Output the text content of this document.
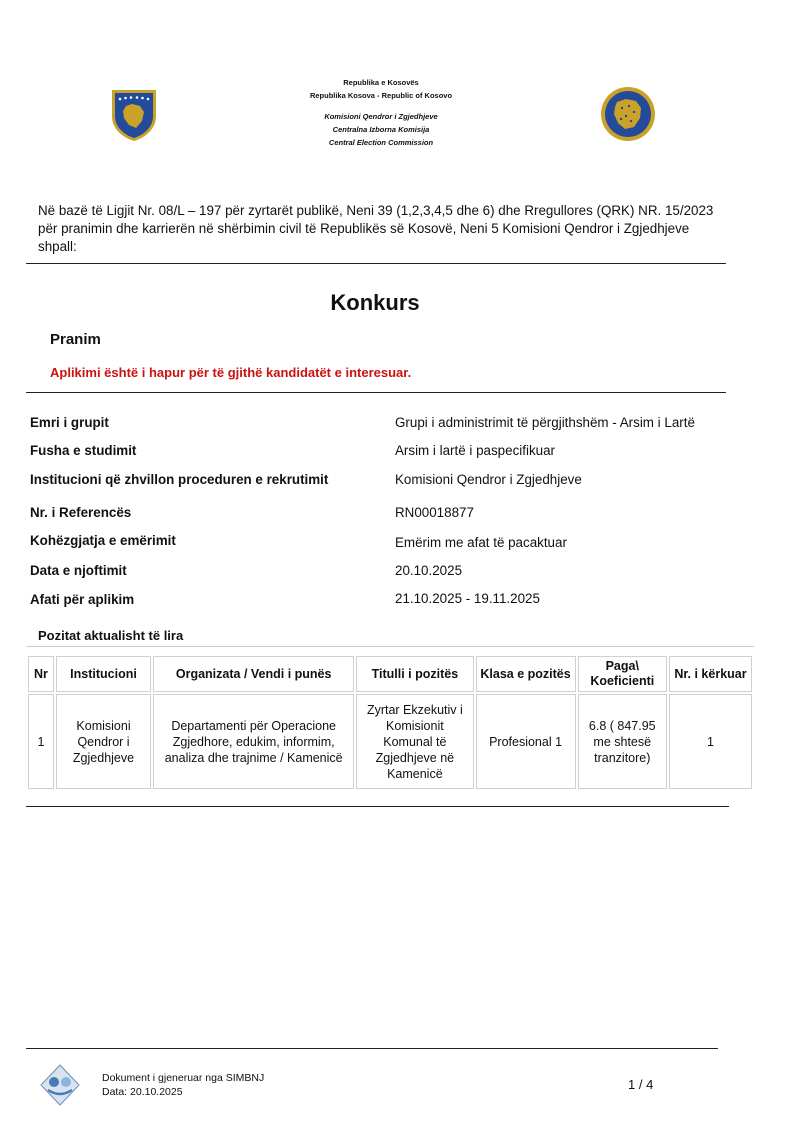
Republika e Kosovës
Republika Kosova - Republic of Kosovo
Komisioni Qendror i Zgjedhjeve
Centralna Izborna Komisija
Central Election Commission
Në bazë të Ligjit Nr. 08/L – 197 për zyrtarët publikë, Neni 39 (1,2,3,4,5 dhe 6) dhe Rregullores (QRK) NR. 15/2023 për pranimin dhe karrierën në shërbimin civil të Republikës së Kosovë, Neni 5 Komisioni Qendror i Zgjedhjeve shpall:
Konkurs
Pranim
Aplikimi është i hapur për të gjithë kandidatët e interesuar.
Emri i grupit	Grupi i administrimit të përgjithshëm - Arsim i Lartë
Fusha e studimit	Arsim i lartë i paspecifikuar
Institucioni që zhvillon proceduren e rekrutimit	Komisioni Qendror i Zgjedhjeve
Nr. i Referencës	RN00018877
Kohëzgjatja e emërimit	Emërim me afat të pacaktuar
Data e njoftimit	20.10.2025
Afati për aplikim	21.10.2025 - 19.11.2025
Pozitat aktualisht të lira
Nr	Institucioni	Organizata / Vendi i punës	Titulli i pozitës	Klasa e pozitës	Paga\ Koeficienti	Nr. i kërkuar
1	Komisioni Qendror i Zgjedhjeve	Departamenti për Operacione Zgjedhore, edukim, informim, analiza dhe trajnime / Kamenicë	Zyrtar Ekzekutiv i Komisionit Komunal të Zgjedhjeve në Kamenicë	Profesional 1	6.8 ( 847.95 me shtesë tranzitore)	1
Dokument i gjeneruar nga SIMBNJ
Data: 20.10.2025	1 / 4
